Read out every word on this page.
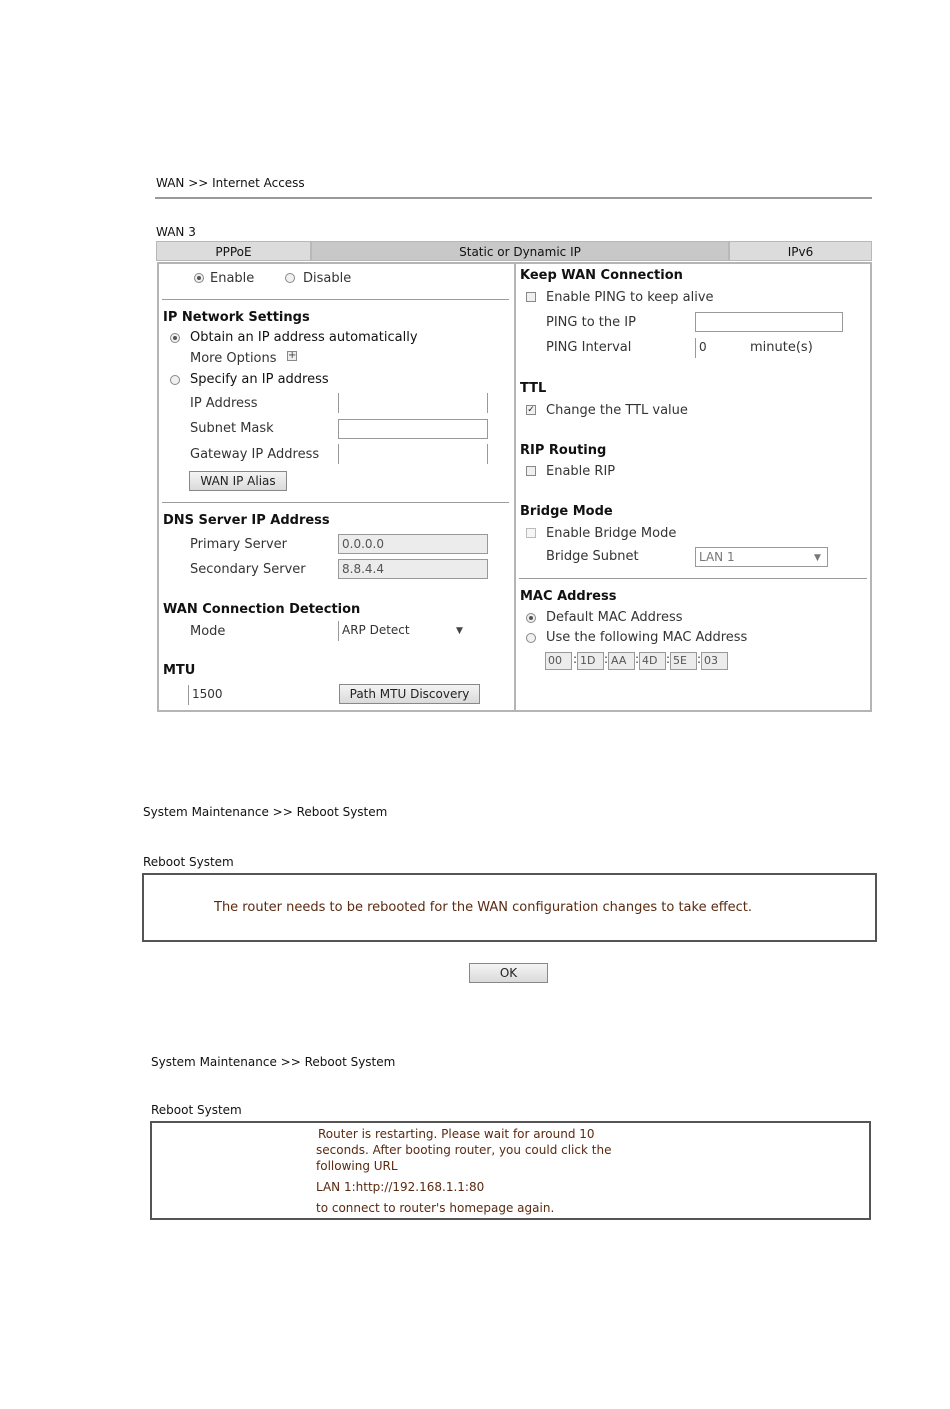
WAN >> Internet Access
WAN 3
PPPoE	Static or Dynamic IP	IPv6
Enable	Disable
IP Network Settings
Obtain an IP address automatically
More Options +
Specify an IP address
IP Address
Subnet Mask
Gateway IP Address
WAN IP Alias
DNS Server IP Address
Primary Server	0.0.0.0
Secondary Server	8.8.4.4
WAN Connection Detection
Mode	ARP Detect	▼
MTU
1500	Path MTU Discovery
Keep WAN Connection
Enable PING to keep alive
PING to the IP
PING Interval	0	minute(s)
TTL
✓ Change the TTL value
RIP Routing
Enable RIP
Bridge Mode
Enable Bridge Mode
Bridge Subnet	LAN 1	▼
MAC Address
Default MAC Address
Use the following MAC Address
00 : 1D : AA : 4D : 5E : 03
System Maintenance >> Reboot System
Reboot System
The router needs to be rebooted for the WAN configuration changes to take effect.
OK
System Maintenance >> Reboot System
Reboot System
Router is restarting. Please wait for around 10
seconds. After booting router, you could click the
following URL
LAN 1:http://192.168.1.1:80
to connect to router's homepage again.
